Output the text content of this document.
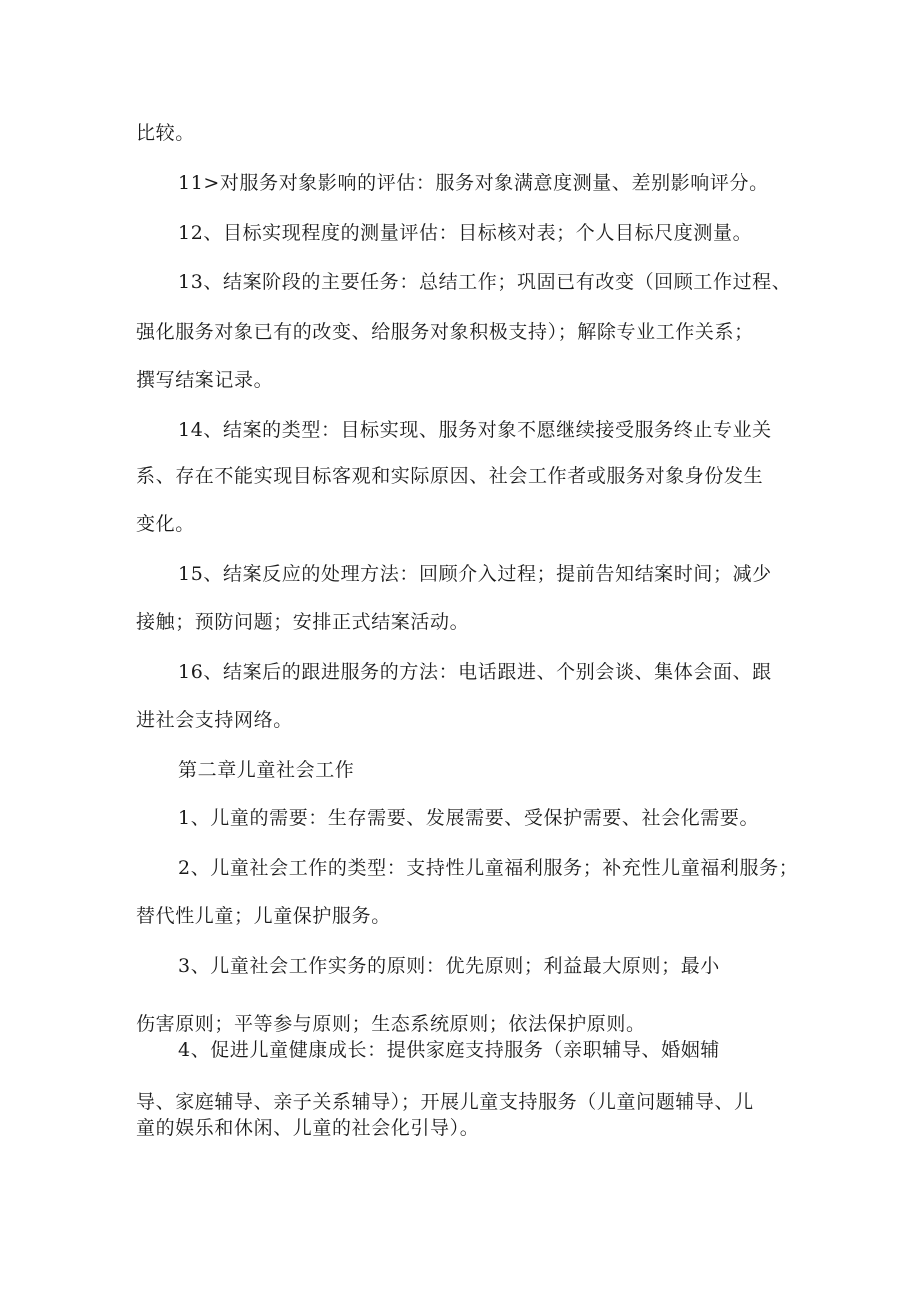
比较。
11>对服务对象影响的评估：服务对象满意度测量、差别影响评分。
12、目标实现程度的测量评估：目标核对表；个人目标尺度测量。
13、结案阶段的主要任务：总结工作；巩固已有改变（回顾工作过程、
强化服务对象已有的改变、给服务对象积极支持）；解除专业工作关系；
撰写结案记录。
14、结案的类型：目标实现、服务对象不愿继续接受服务终止专业关
系、存在不能实现目标客观和实际原因、社会工作者或服务对象身份发生
变化。
15、结案反应的处理方法：回顾介入过程；提前告知结案时间；减少
接触；预防问题；安排正式结案活动。
16、结案后的跟进服务的方法：电话跟进、个别会谈、集体会面、跟
进社会支持网络。
第二章儿童社会工作
1、儿童的需要：生存需要、发展需要、受保护需要、社会化需要。
2、儿童社会工作的类型：支持性儿童福利服务；补充性儿童福利服务；
替代性儿童；儿童保护服务。
3、儿童社会工作实务的原则：优先原则；利益最大原则；最小
伤害原则；平等参与原则；生态系统原则；依法保护原则。
4、促进儿童健康成长：提供家庭支持服务（亲职辅导、婚姻辅
导、家庭辅导、亲子关系辅导）；开展儿童支持服务（儿童问题辅导、儿
童的娱乐和休闲、儿童的社会化引导）。
